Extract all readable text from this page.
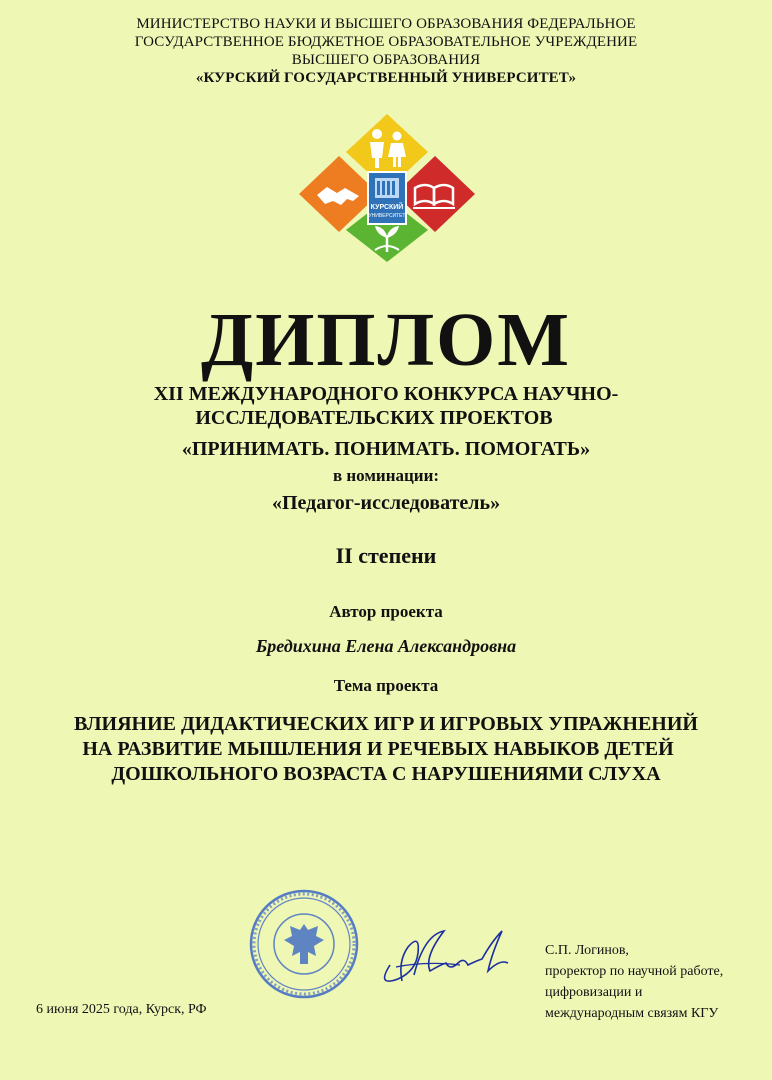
МИНИСТЕРСТВО НАУКИ И ВЫСШЕГО ОБРАЗОВАНИЯ ФЕДЕРАЛЬНОЕ
ГОСУДАРСТВЕННОЕ БЮДЖЕТНОЕ ОБРАЗОВАТЕЛЬНОЕ УЧРЕЖДЕНИЕ
ВЫСШЕГО ОБРАЗОВАНИЯ
«КУРСКИЙ ГОСУДАРСТВЕННЫЙ УНИВЕРСИТЕТ»
КУРСКИЙ
УНИВЕРСИТЕТ
ДИПЛОМ
XII МЕЖДУНАРОДНОГО КОНКУРСА НАУЧНО-
ИССЛЕДОВАТЕЛЬСКИХ ПРОЕКТОВ
«ПРИНИМАТЬ. ПОНИМАТЬ. ПОМОГАТЬ»
в номинации:
«Педагог-исследователь»
II степени
Автор проекта
Бредихина Елена Александровна
Тема проекта
ВЛИЯНИЕ ДИДАКТИЧЕСКИХ ИГР И ИГРОВЫХ УПРАЖНЕНИЙ
НА РАЗВИТИЕ МЫШЛЕНИЯ И РЕЧЕВЫХ НАВЫКОВ ДЕТЕЙ
ДОШКОЛЬНОГО ВОЗРАСТА С НАРУШЕНИЯМИ СЛУХА
6 июня 2025 года, Курск, РФ
С.П. Логинов,
проректор по научной работе,
цифровизации и
международным связям КГУ
